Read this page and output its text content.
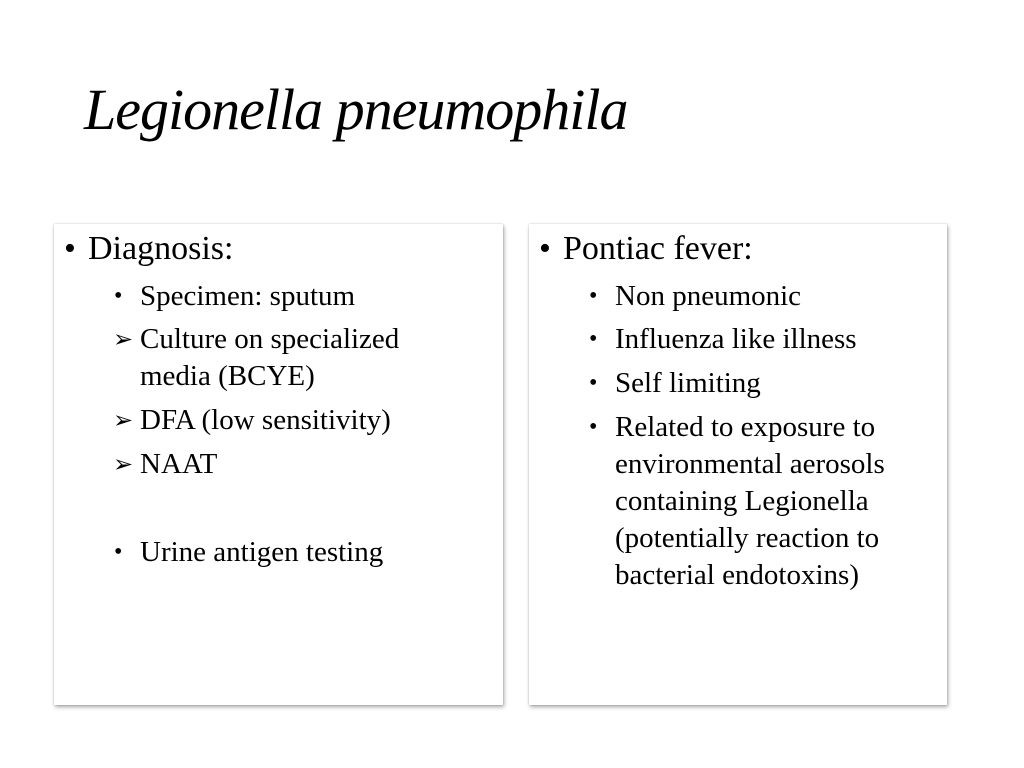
Legionella pneumophila
• Diagnosis:
• Specimen: sputum
➢ Culture on specialized media (BCYE)
➢ DFA (low sensitivity)
➢ NAAT
• Urine antigen testing
• Pontiac fever:
• Non pneumonic
• Influenza like illness
• Self limiting
• Related to exposure to environmental aerosols containing Legionella (potentially reaction to bacterial endotoxins)
